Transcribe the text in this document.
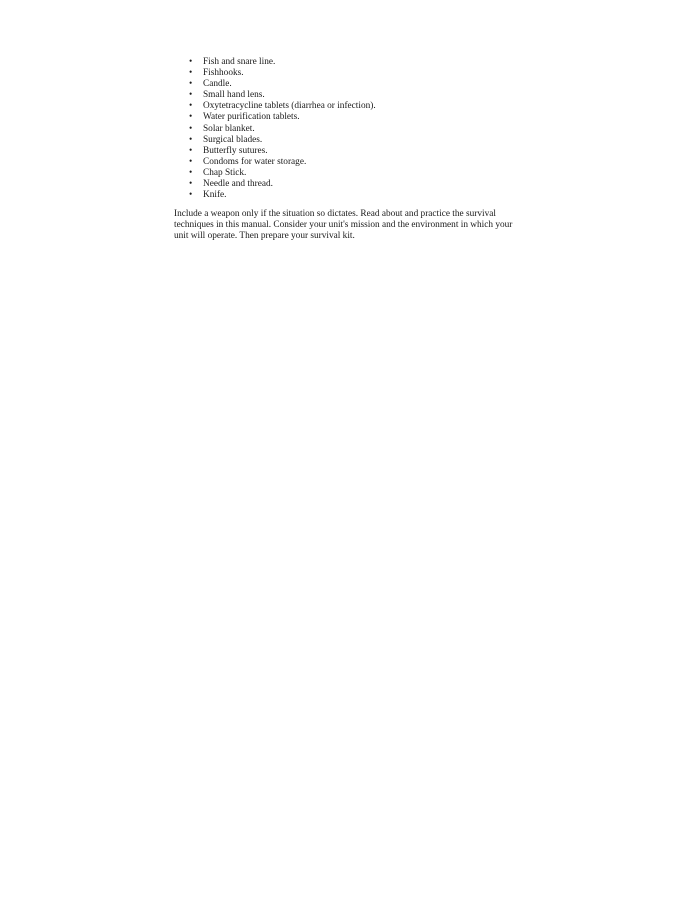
• Fish and snare line.
• Fishhooks.
• Candle.
• Small hand lens.
• Oxytetracycline tablets (diarrhea or infection).
• Water purification tablets.
• Solar blanket.
• Surgical blades.
• Butterfly sutures.
• Condoms for water storage.
• Chap Stick.
• Needle and thread.
• Knife.

Include a weapon only if the situation so dictates. Read about and practice the survival techniques in this manual. Consider your unit's mission and the environment in which your unit will operate. Then prepare your survival kit.
